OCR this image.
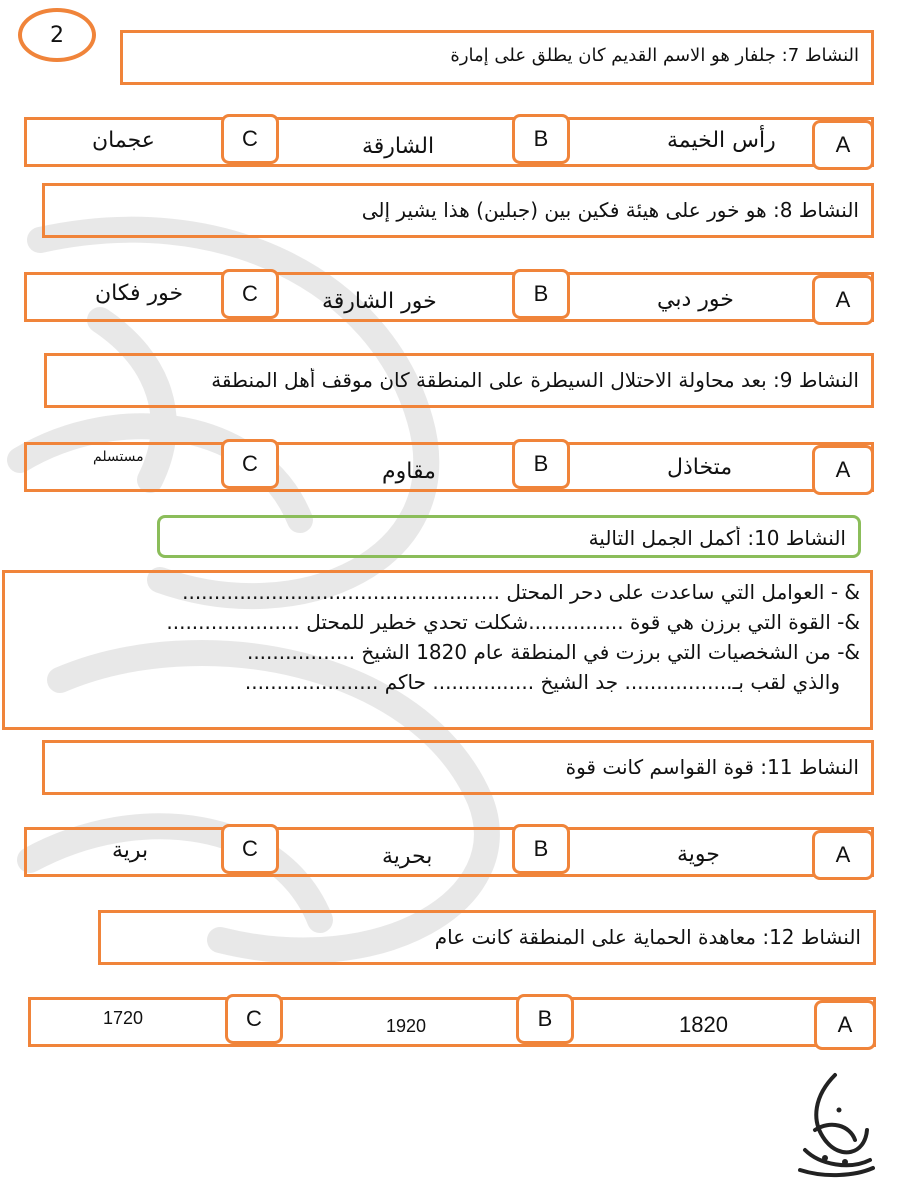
2
النشاط 7: جلفار هو الاسم القديم كان يطلق على إمارة
A
رأس الخيمة
B
الشارقة
C
عجمان
النشاط 8: هو خور على هيئة فكين بين (جبلين) هذا يشير إلى
A
خور دبي
B
خور الشارقة
C
خور فكان
النشاط 9: بعد محاولة الاحتلال السيطرة على المنطقة كان موقف أهل المنطقة
A
متخاذل
B
مقاوم
C
مستسلم
النشاط 10: أكمل الجمل التالية
& - العوامل التي ساعدت على دحر المحتل ..................................................
&- القوة التي برزن هي قوة ...............شكلت تحدي خطير للمحتل .....................
&- من الشخصيات التي برزت في المنطقة عام 1820 الشيخ .................
والذي لقب بـ................. جد الشيخ ................ حاكم .....................
النشاط 11: قوة القواسم كانت قوة
A
جوية
B
بحرية
C
برية
النشاط 12: معاهدة الحماية على المنطقة كانت عام
A
1820
B
1920
C
1720
